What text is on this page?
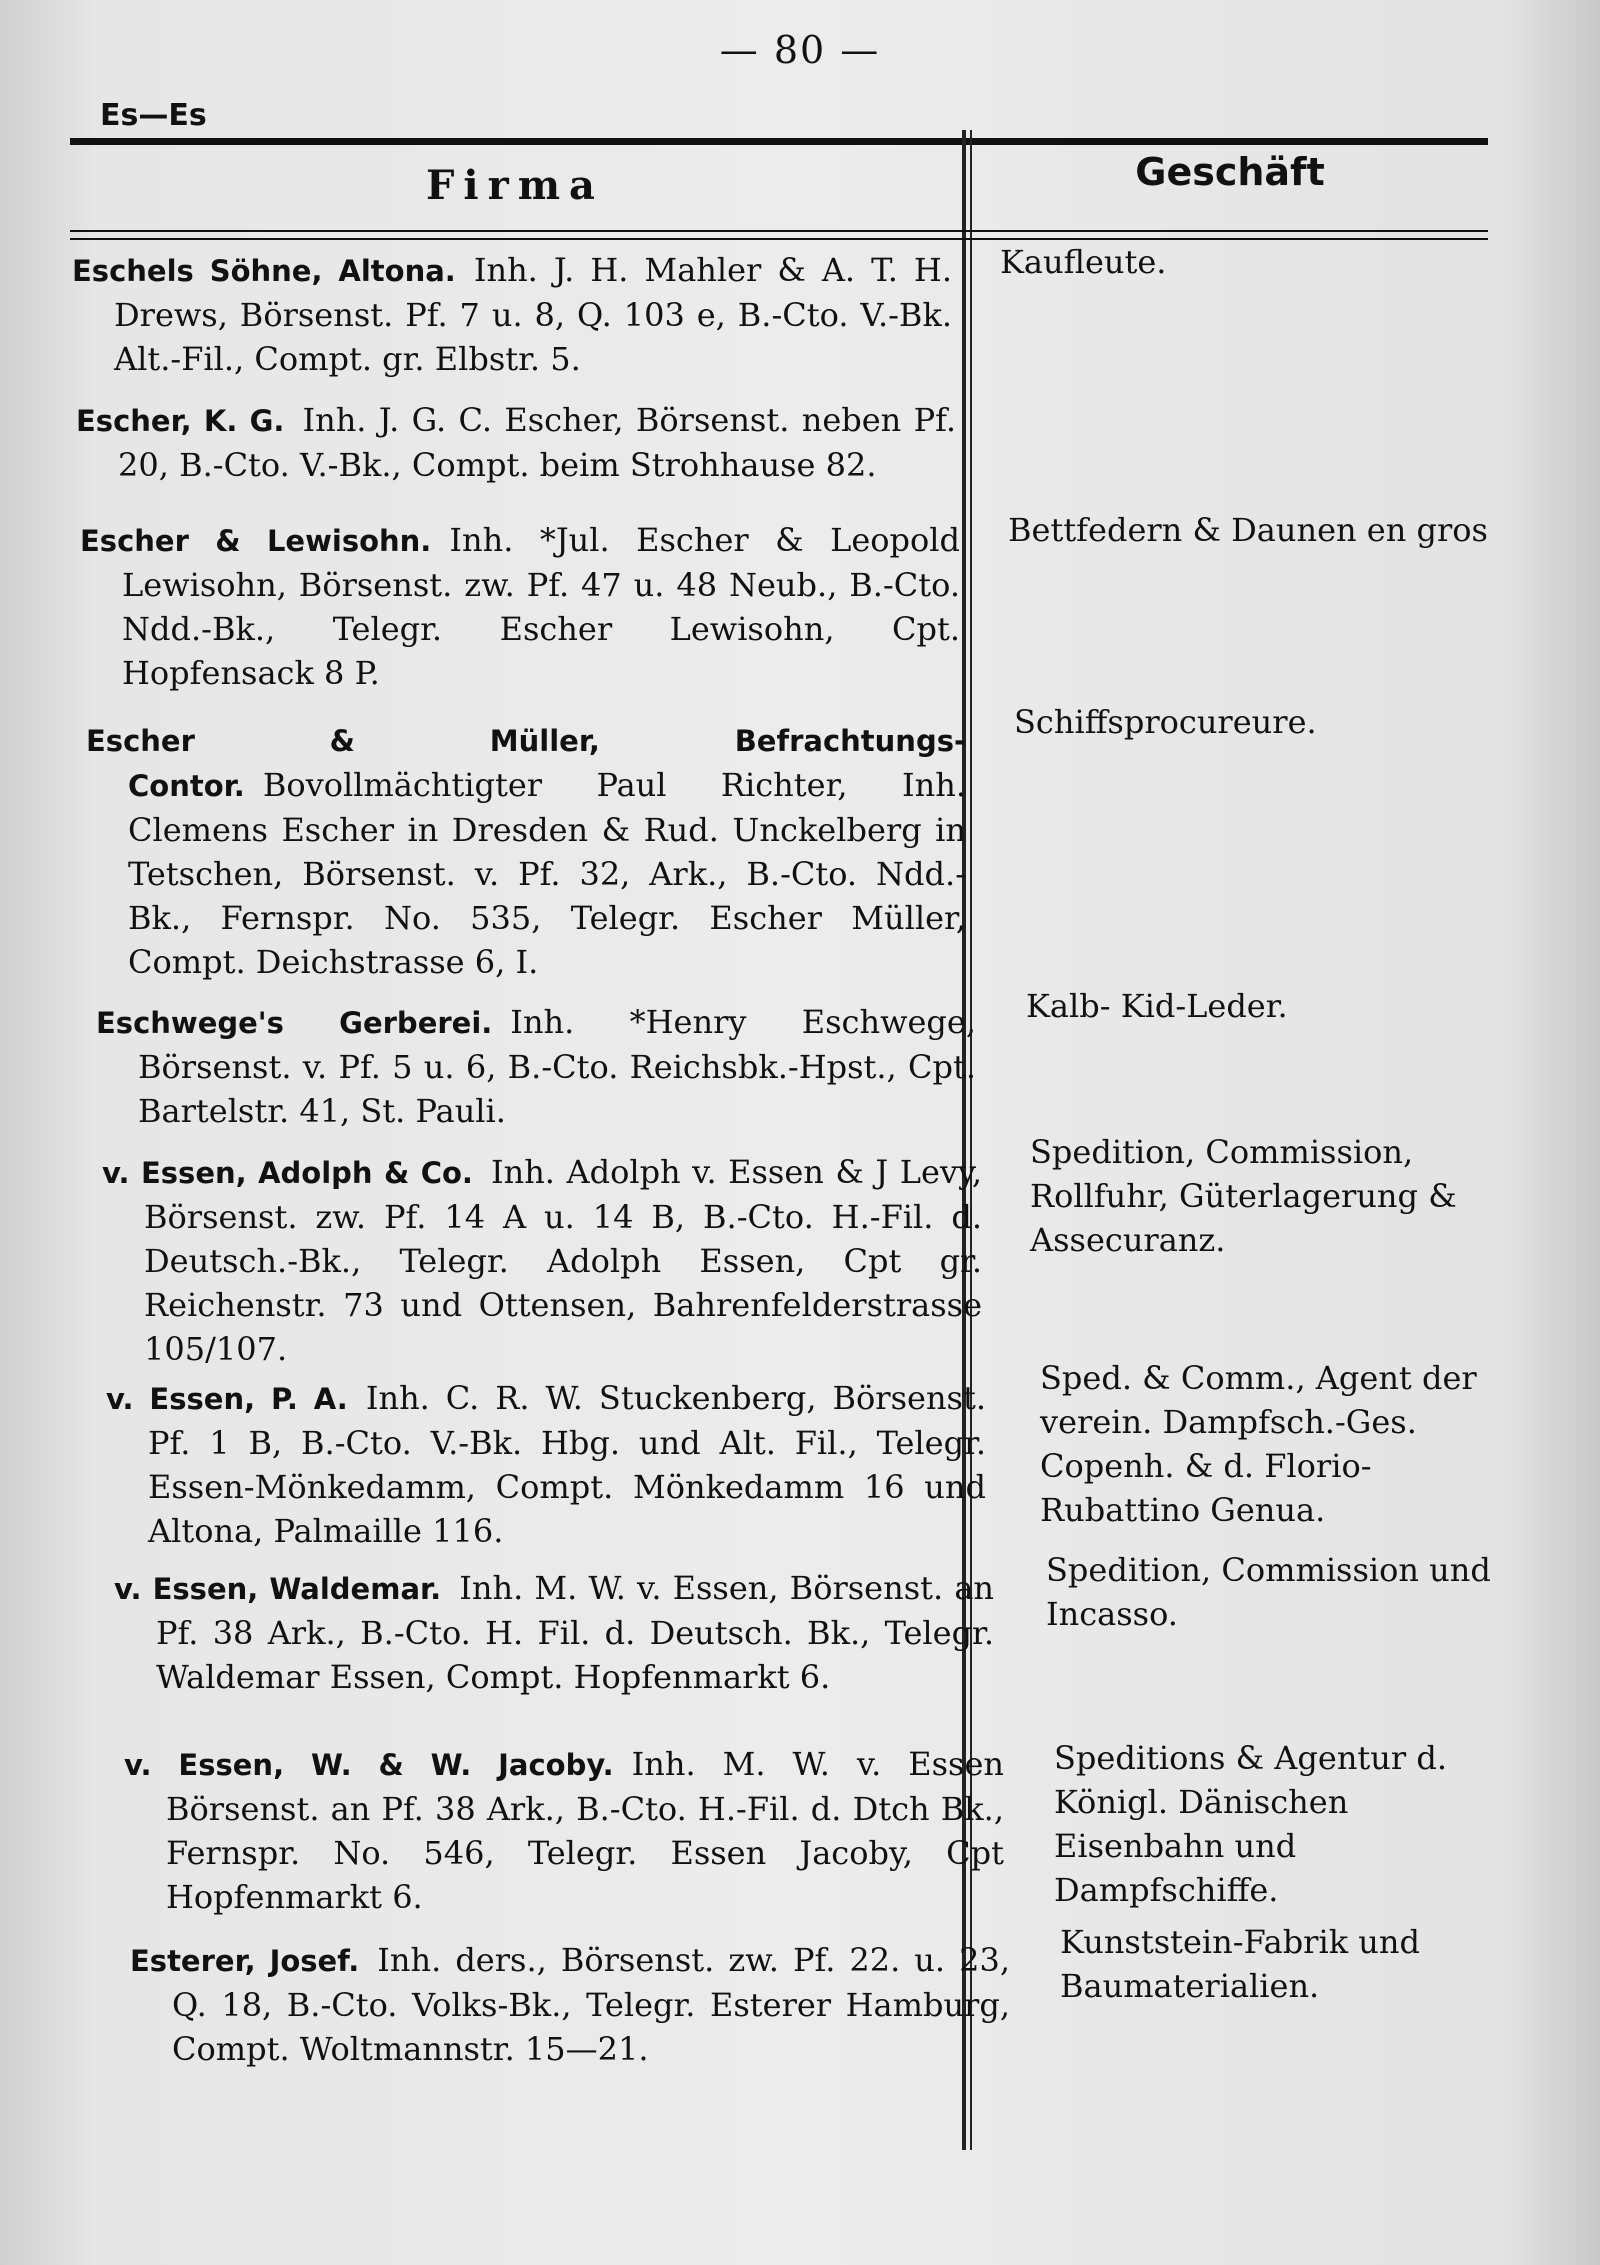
— 80 —
Es—Es
Firma	Geschäft
Eschels Söhne, Altona. Inh. J. H. Mahler & A. T. H. Drews, Börsenst. Pf. 7 u. 8, Q. 103 e, B.-Cto. V.-Bk. Alt.-Fil., Compt. gr. Elbstr. 5.
Kaufleute.
Escher, K. G. Inh. J. G. C. Escher, Börsenst. neben Pf. 20, B.-Cto. V.-Bk., Compt. beim Strohhause 82.
Escher & Lewisohn. Inh. *Jul. Escher & Leopold Lewisohn, Börsenst. zw. Pf. 47 u. 48 Neub., B.-Cto. Ndd.-Bk., Telegr. Escher Lewisohn, Cpt. Hopfensack 8 P.
Bettfedern & Daunen en gros
Escher & Müller, Befrachtungs-Contor. Bovollmächtigter Paul Richter, Inh. Clemens Escher in Dresden & Rud. Unckelberg in Tetschen, Börsenst. v. Pf. 32, Ark., B.-Cto. Ndd.-Bk., Fernspr. No. 535, Telegr. Escher Müller, Compt. Deichstrasse 6, I.
Schiffsprocureure.
Eschwege's Gerberei. Inh. *Henry Eschwege, Börsenst. v. Pf. 5 u. 6, B.-Cto. Reichsbk.-Hpst., Cpt. Bartelstr. 41, St. Pauli.
Kalb- Kid-Leder.
v. Essen, Adolph & Co. Inh. Adolph v. Essen & J Levy, Börsenst. zw. Pf. 14 A u. 14 B, B.-Cto. H.-Fil. d. Deutsch.-Bk., Telegr. Adolph Essen, Cpt gr. Reichenstr. 73 und Ottensen, Bahrenfelderstrasse 105/107.
Spedition, Commission, Rollfuhr, Güterlagerung & Assecuranz.
v. Essen, P. A. Inh. C. R. W. Stuckenberg, Börsenst. Pf. 1 B, B.-Cto. V.-Bk. Hbg. und Alt. Fil., Telegr. Essen-Mönkedamm, Compt. Mönkedamm 16 und Altona, Palmaille 116.
Sped. & Comm., Agent der verein. Dampfsch.-Ges. Copenh. & d. Florio-Rubattino Genua.
v. Essen, Waldemar. Inh. M. W. v. Essen, Börsenst. an Pf. 38 Ark., B.-Cto. H. Fil. d. Deutsch. Bk., Telegr. Waldemar Essen, Compt. Hopfenmarkt 6.
Spedition, Commission und Incasso.
v. Essen, W. & W. Jacoby. Inh. M. W. v. Essen Börsenst. an Pf. 38 Ark., B.-Cto. H.-Fil. d. Dtch Bk., Fernspr. No. 546, Telegr. Essen Jacoby, Cpt Hopfenmarkt 6.
Speditions & Agentur d. Königl. Dänischen Eisenbahn und Dampfschiffe.
Esterer, Josef. Inh. ders., Börsenst. zw. Pf. 22. u. 23, Q. 18, B.-Cto. Volks-Bk., Telegr. Esterer Hamburg, Compt. Woltmannstr. 15—21.
Kunststein-Fabrik und Baumaterialien.
